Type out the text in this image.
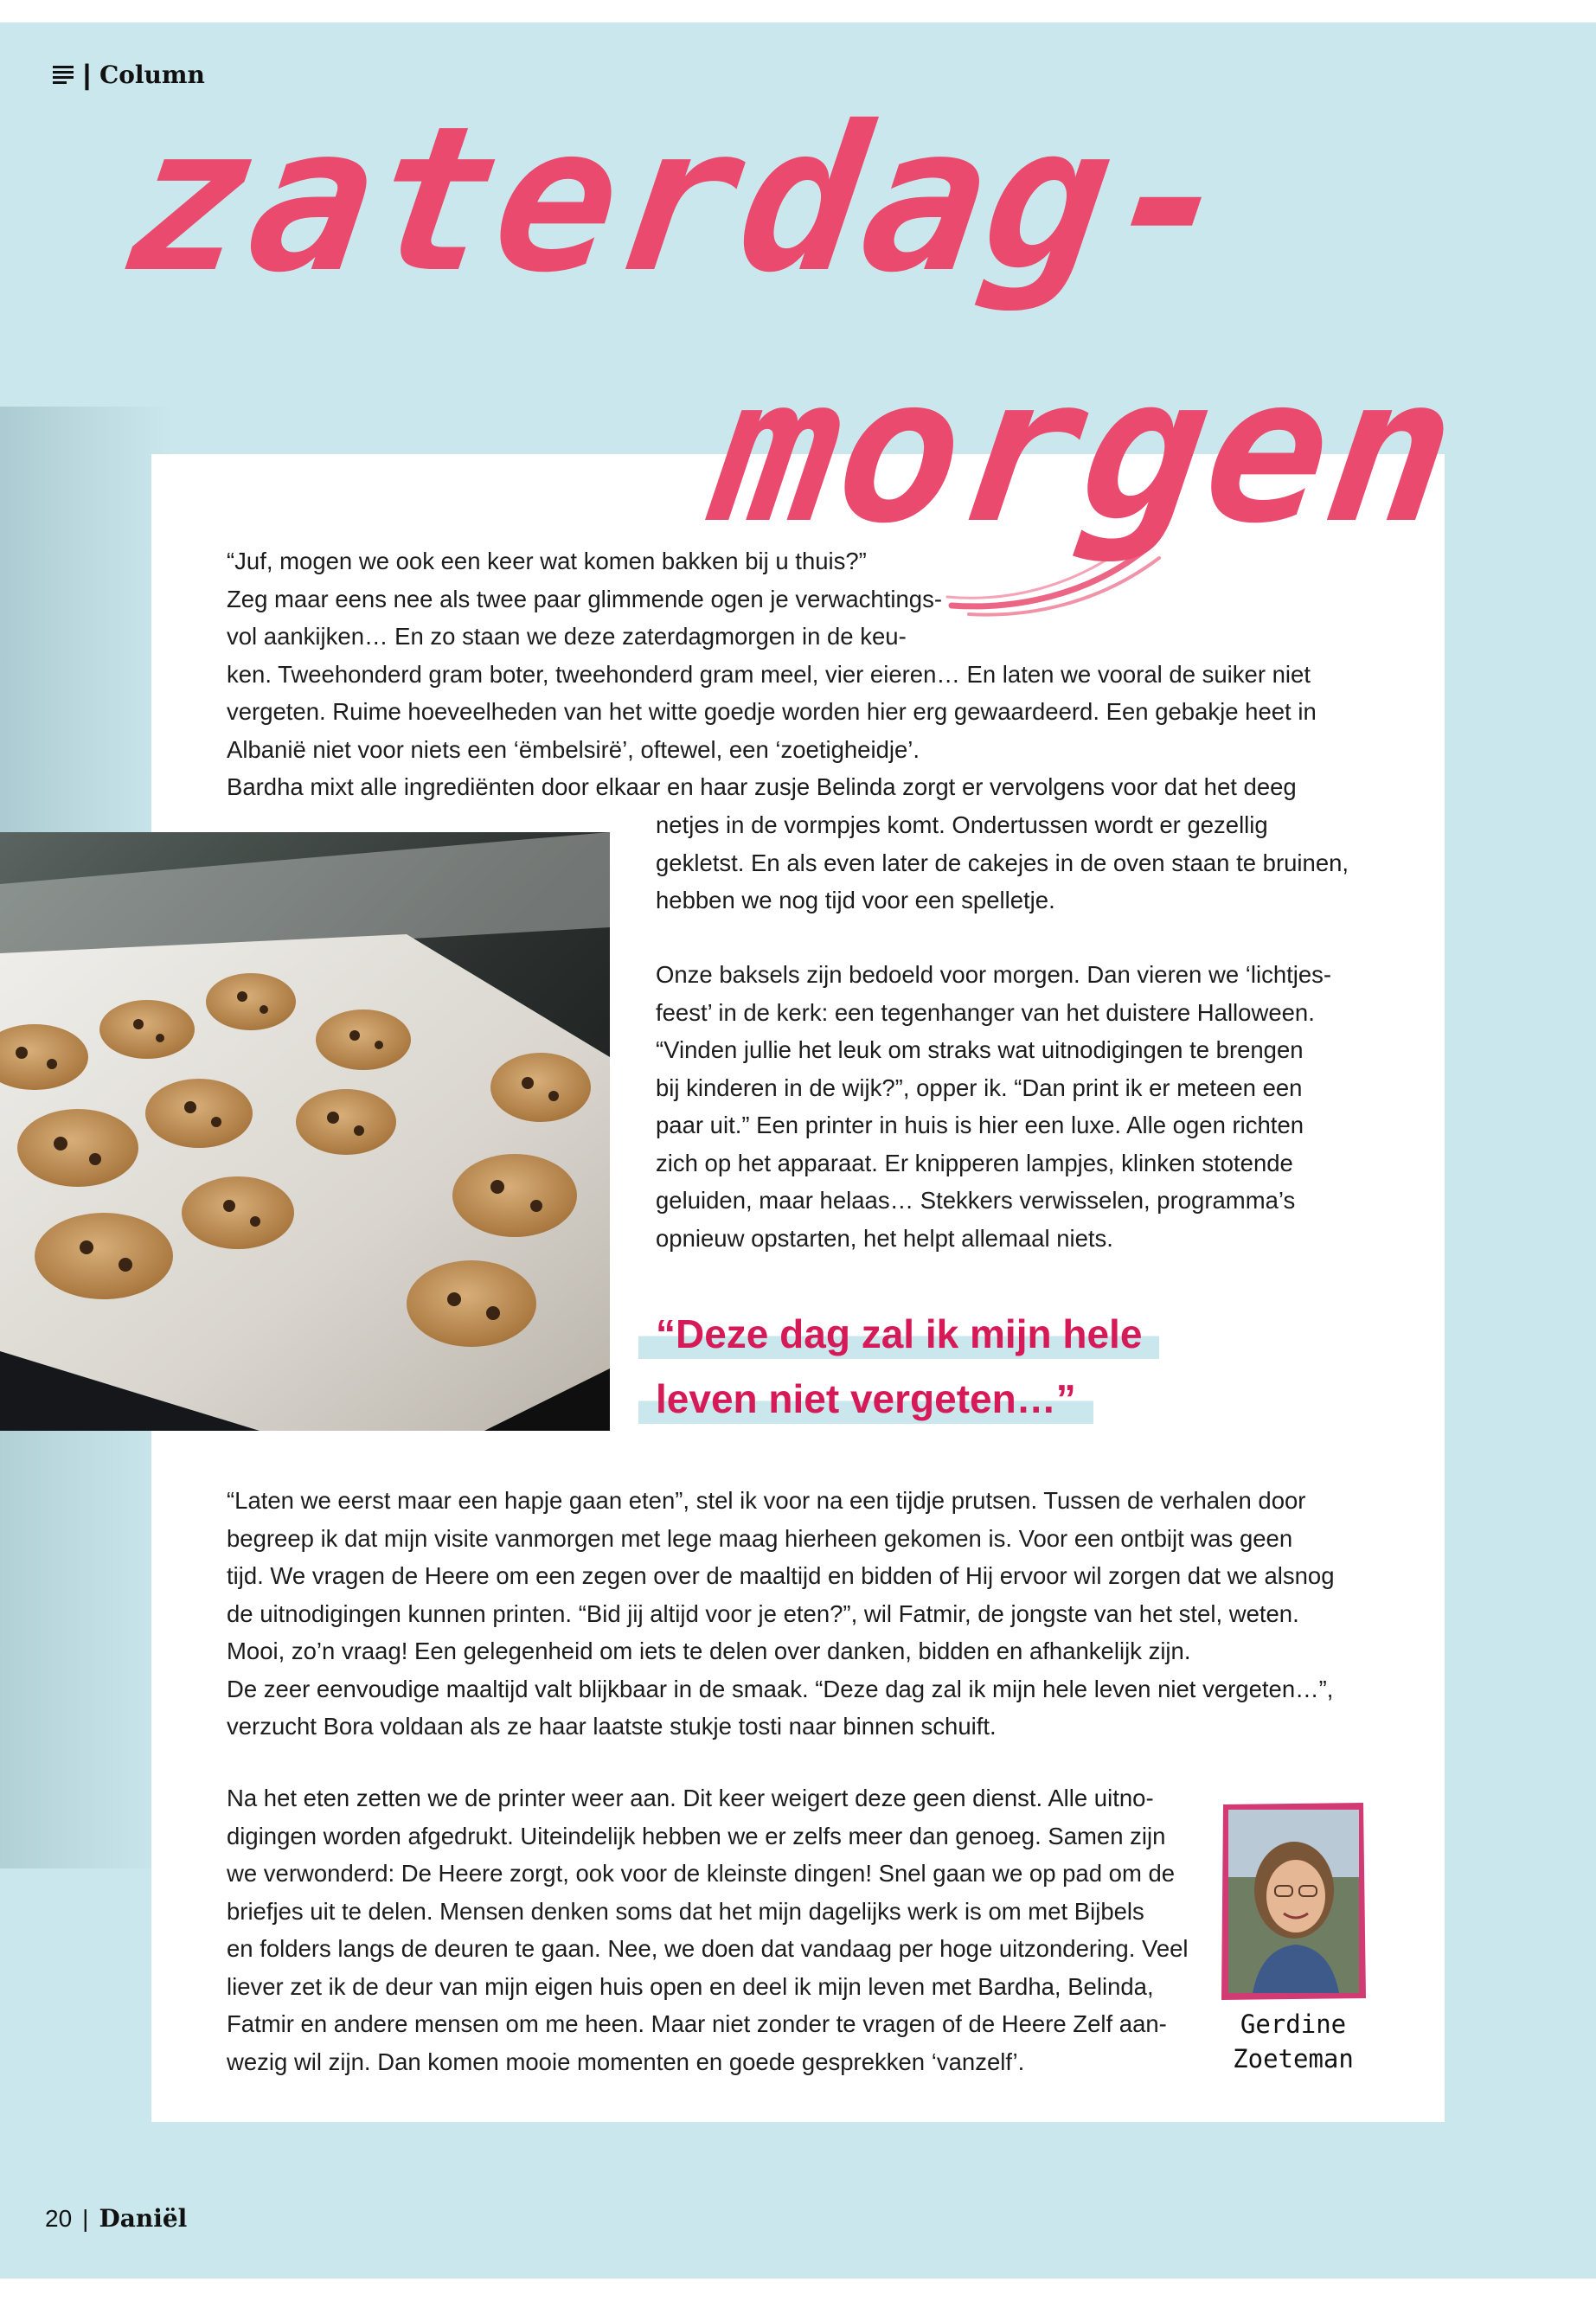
| Column
zaterdag-
morgen
“Juf, mogen we ook een keer wat komen bakken bij u thuis?”
Zeg maar eens nee als twee paar glimmende ogen je verwachtings-
vol aankijken… En zo staan we deze zaterdagmorgen in de keu-
ken. Tweehonderd gram boter, tweehonderd gram meel, vier eieren… En laten we vooral de suiker niet
vergeten. Ruime hoeveelheden van het witte goedje worden hier erg gewaardeerd. Een gebakje heet in
Albanië niet voor niets een ‘ëmbelsirë’, oftewel, een ‘zoetigheidje’.
Bardha mixt alle ingrediënten door elkaar en haar zusje Belinda zorgt er vervolgens voor dat het deeg
netjes in de vormpjes komt. Ondertussen wordt er gezellig
gekletst. En als even later de cakejes in de oven staan te bruinen,
hebben we nog tijd voor een spelletje.
Onze baksels zijn bedoeld voor morgen. Dan vieren we ‘lichtjes-
feest’ in de kerk: een tegenhanger van het duistere Halloween.
“Vinden jullie het leuk om straks wat uitnodigingen te brengen
bij kinderen in de wijk?”, opper ik. “Dan print ik er meteen een
paar uit.” Een printer in huis is hier een luxe. Alle ogen richten
zich op het apparaat. Er knipperen lampjes, klinken stotende
geluiden, maar helaas… Stekkers verwisselen, programma’s
opnieuw opstarten, het helpt allemaal niets.
“Deze dag zal ik mijn hele
leven niet vergeten…”
“Laten we eerst maar een hapje gaan eten”, stel ik voor na een tijdje prutsen. Tussen de verhalen door
begreep ik dat mijn visite vanmorgen met lege maag hierheen gekomen is. Voor een ontbijt was geen
tijd. We vragen de Heere om een zegen over de maaltijd en bidden of Hij ervoor wil zorgen dat we alsnog
de uitnodigingen kunnen printen. “Bid jij altijd voor je eten?”, wil Fatmir, de jongste van het stel, weten.
Mooi, zo’n vraag! Een gelegenheid om iets te delen over danken, bidden en afhankelijk zijn.
De zeer eenvoudige maaltijd valt blijkbaar in de smaak. “Deze dag zal ik mijn hele leven niet vergeten…”,
verzucht Bora voldaan als ze haar laatste stukje tosti naar binnen schuift.
Na het eten zetten we de printer weer aan. Dit keer weigert deze geen dienst. Alle uitno-
digingen worden afgedrukt. Uiteindelijk hebben we er zelfs meer dan genoeg. Samen zijn
we verwonderd: De Heere zorgt, ook voor de kleinste dingen! Snel gaan we op pad om de
briefjes uit te delen. Mensen denken soms dat het mijn dagelijks werk is om met Bijbels
en folders langs de deuren te gaan. Nee, we doen dat vandaag per hoge uitzondering. Veel
liever zet ik de deur van mijn eigen huis open en deel ik mijn leven met Bardha, Belinda,
Fatmir en andere mensen om me heen. Maar niet zonder te vragen of de Heere Zelf aan-
wezig wil zijn. Dan komen mooie momenten en goede gesprekken ‘vanzelf’.
Gerdine
Zoeteman
20 | Daniël
